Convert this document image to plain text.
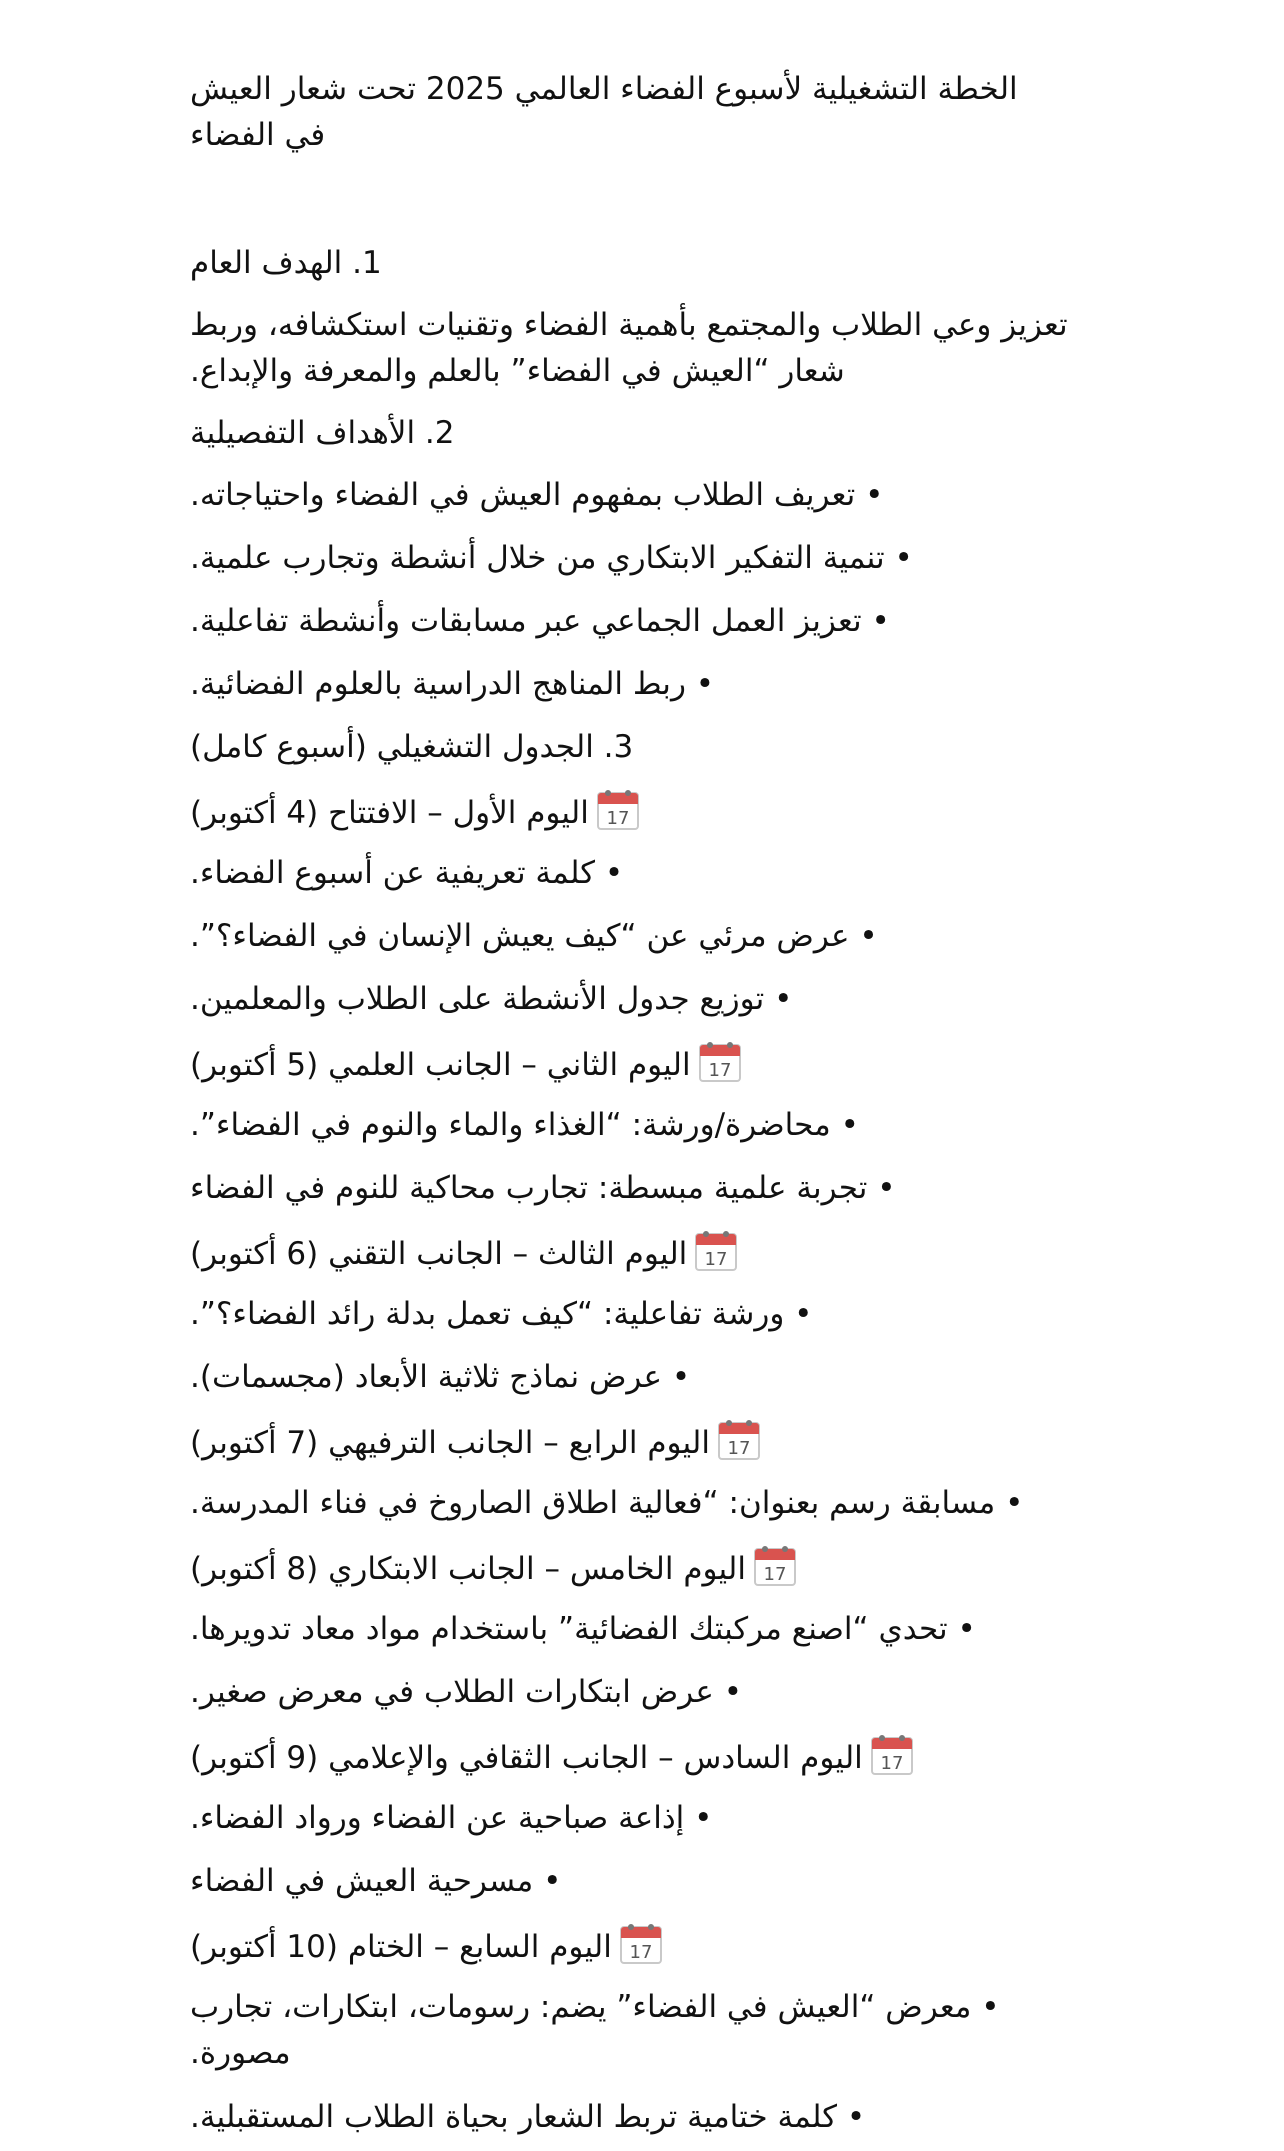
الخطة التشغيلية لأسبوع الفضاء العالمي 2025 تحت شعار العيش في الفضاء
1. الهدف العام
تعزيز وعي الطلاب والمجتمع بأهمية الفضاء وتقنيات استكشافه، وربط شعار “العيش في الفضاء” بالعلم والمعرفة والإبداع.
2. الأهداف التفصيلية
• تعريف الطلاب بمفهوم العيش في الفضاء واحتياجاته.
• تنمية التفكير الابتكاري من خلال أنشطة وتجارب علمية.
• تعزيز العمل الجماعي عبر مسابقات وأنشطة تفاعلية.
• ربط المناهج الدراسية بالعلوم الفضائية.
3. الجدول التشغيلي (أسبوع كامل)
17
اليوم الأول – الافتتاح (4 أكتوبر)
• كلمة تعريفية عن أسبوع الفضاء.
• عرض مرئي عن “كيف يعيش الإنسان في الفضاء؟”.
• توزيع جدول الأنشطة على الطلاب والمعلمين.
17
اليوم الثاني – الجانب العلمي (5 أكتوبر)
• محاضرة/ورشة: “الغذاء والماء والنوم في الفضاء”.
• تجربة علمية مبسطة: تجارب محاكية للنوم في الفضاء
17
اليوم الثالث – الجانب التقني (6 أكتوبر)
• ورشة تفاعلية: “كيف تعمل بدلة رائد الفضاء؟”.
• عرض نماذج ثلاثية الأبعاد (مجسمات).
17
اليوم الرابع – الجانب الترفيهي (7 أكتوبر)
• مسابقة رسم بعنوان: “فعالية اطلاق الصاروخ في فناء المدرسة.
17
اليوم الخامس – الجانب الابتكاري (8 أكتوبر)
• تحدي “اصنع مركبتك الفضائية” باستخدام مواد معاد تدويرها.
• عرض ابتكارات الطلاب في معرض صغير.
17
اليوم السادس – الجانب الثقافي والإعلامي (9 أكتوبر)
• إذاعة صباحية عن الفضاء ورواد الفضاء.
• مسرحية العيش في الفضاء
17
اليوم السابع – الختام (10 أكتوبر)
• معرض “العيش في الفضاء” يضم: رسومات، ابتكارات، تجارب مصورة.
• كلمة ختامية تربط الشعار بحياة الطلاب المستقبلية.
